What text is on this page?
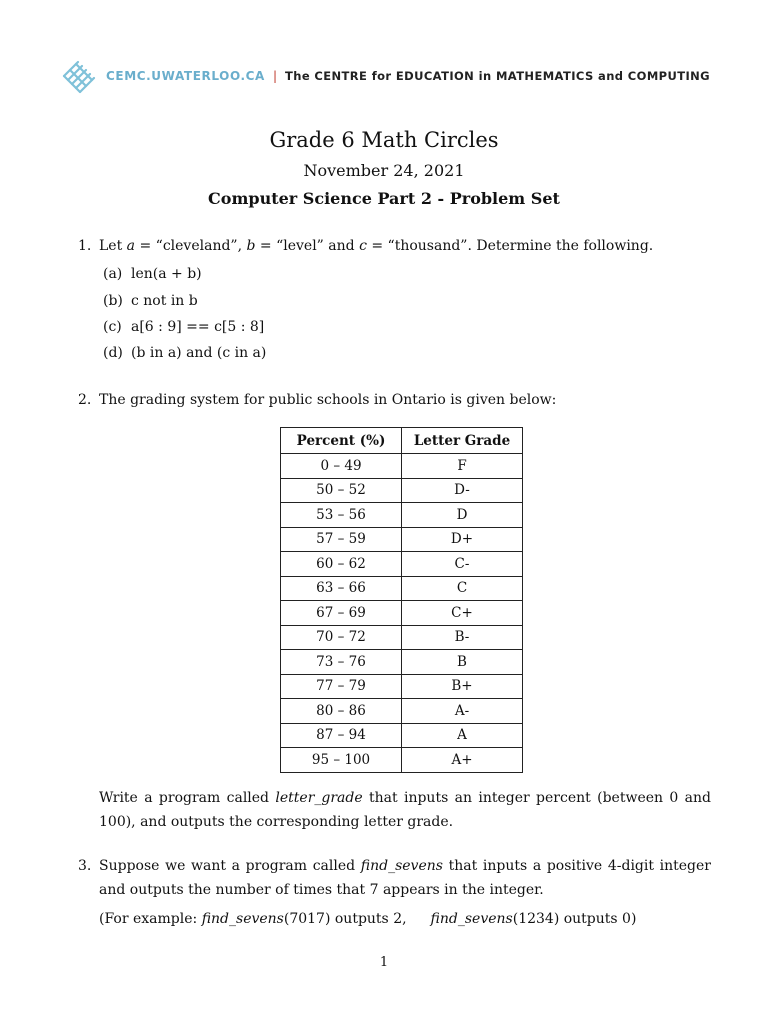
CEMC.UWATERLOO.CA | The CENTRE for EDUCATION in MATHEMATICS and COMPUTING
Grade 6 Math Circles
November 24, 2021
Computer Science Part 2 - Problem Set
1. Let a = “cleveland”, b = “level” and c = “thousand”. Determine the following.
(a) len(a + b)
(b) c not in b
(c) a[6 : 9] == c[5 : 8]
(d) (b in a) and (c in a)
2. The grading system for public schools in Ontario is given below:
Percent (%)	Letter Grade
0 – 49	F
50 – 52	D-
53 – 56	D
57 – 59	D+
60 – 62	C-
63 – 66	C
67 – 69	C+
70 – 72	B-
73 – 76	B
77 – 79	B+
80 – 86	A-
87 – 94	A
95 – 100	A+
Write a program called letter_grade that inputs an integer percent (between 0 and 100), and outputs the corresponding letter grade.
3. Suppose we want a program called find_sevens that inputs a positive 4-digit integer and outputs the number of times that 7 appears in the integer.
(For example: find_sevens(7017) outputs 2, find_sevens(1234) outputs 0)
1
